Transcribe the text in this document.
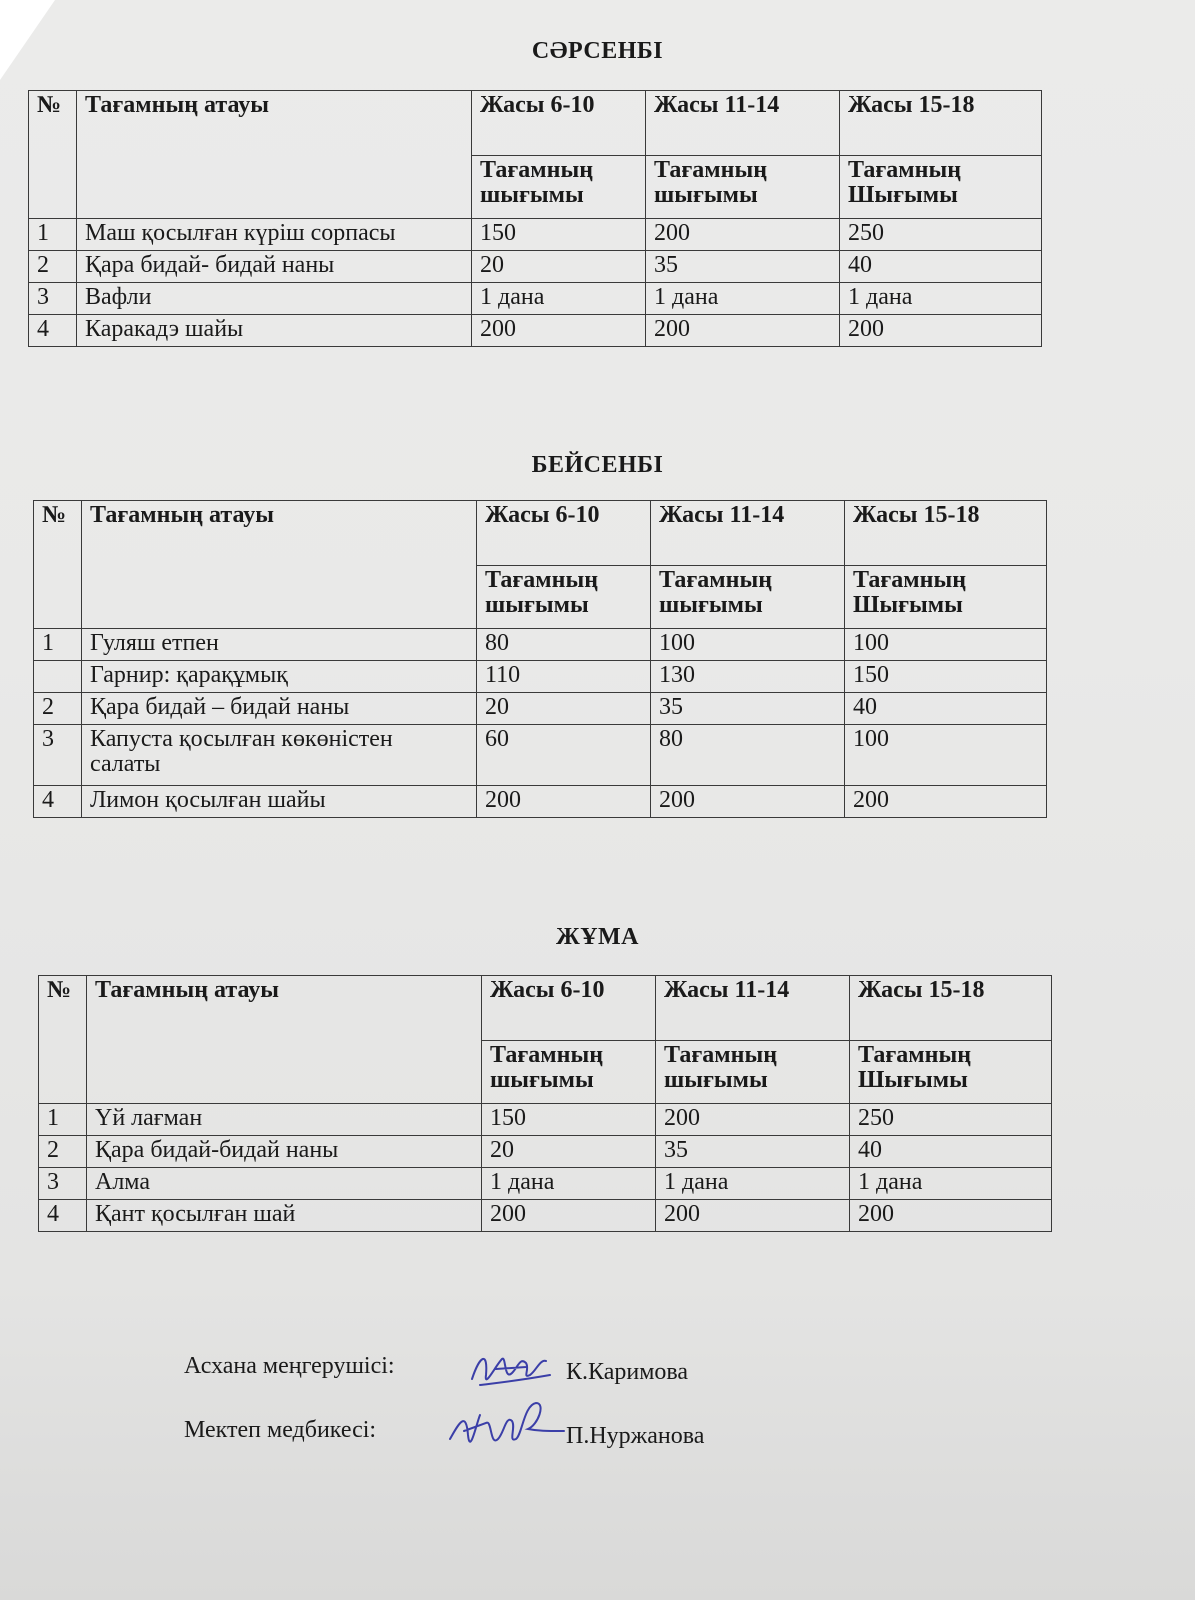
СӘРСЕНБІ
№	Тағамның атауы	Жасы 6-10	Жасы 11-14	Жасы 15-18
		Тағамның шығымы	Тағамның шығымы	Тағамның Шығымы
1	Маш қосылған күріш сорпасы	150	200	250
2	Қара бидай- бидай наны	20	35	40
3	Вафли	1 дана	1 дана	1 дана
4	Каракадэ шайы	200	200	200
БЕЙСЕНБІ
№	Тағамның атауы	Жасы 6-10	Жасы 11-14	Жасы 15-18
		Тағамның шығымы	Тағамның шығымы	Тағамның Шығымы
1	Гуляш етпен	80	100	100
	Гарнир: қарақұмық	110	130	150
2	Қара бидай – бидай наны	20	35	40
3	Капуста қосылған көкөністен салаты	60	80	100
4	Лимон қосылған шайы	200	200	200
ЖҰМА
№	Тағамның атауы	Жасы 6-10	Жасы 11-14	Жасы 15-18
		Тағамның шығымы	Тағамның шығымы	Тағамның Шығымы
1	Үй лағман	150	200	250
2	Қара бидай-бидай наны	20	35	40
3	Алма	1 дана	1 дана	1 дана
4	Қант қосылған шай	200	200	200
Асхана меңгерушісі:	К.Каримова
Мектеп медбикесі:	П.Нуржанова
